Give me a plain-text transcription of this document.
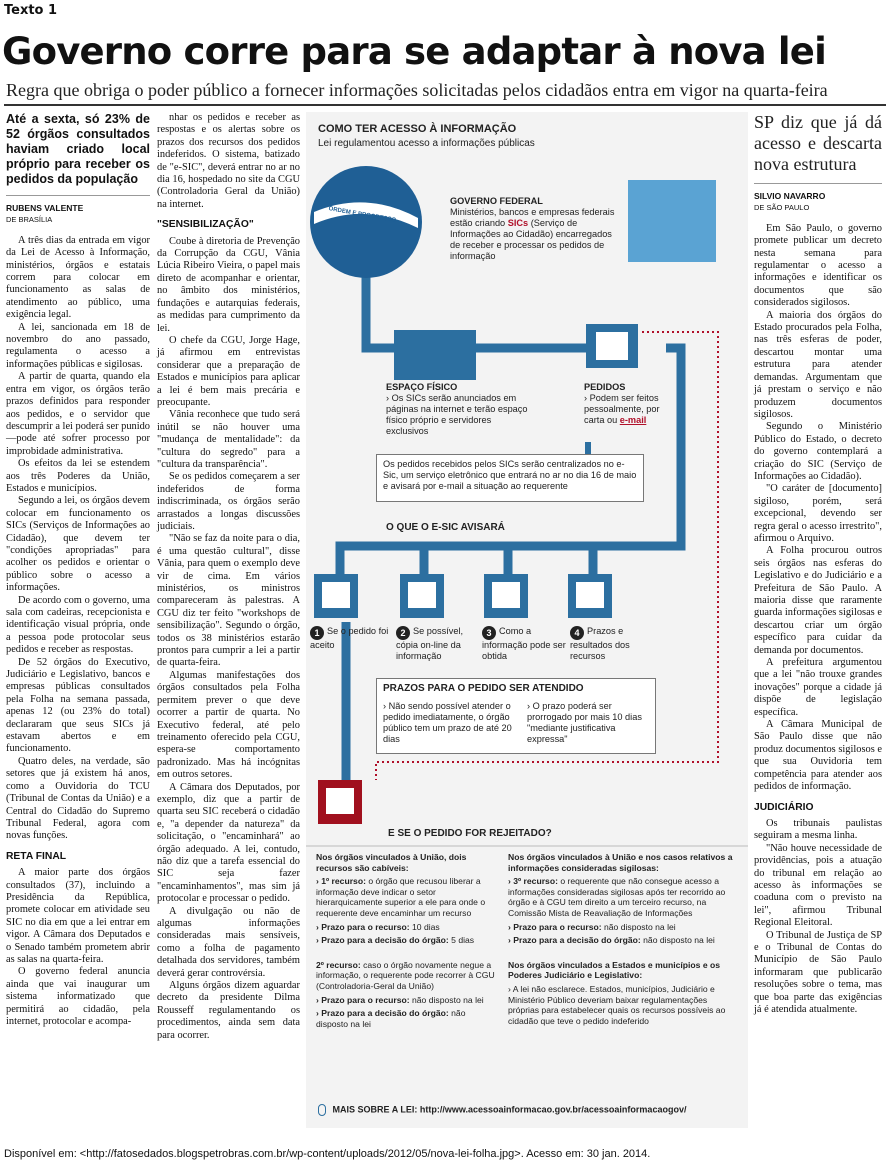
Texto 1
Governo corre para se adaptar à nova lei
Regra que obriga o poder público a fornecer informações solicitadas pelos cidadãos entra em vigor na quarta-feira
Até a sexta, só 23% de 52 órgãos consultados haviam criado local próprio para receber os pedidos da população
RUBENS VALENTE
DE BRASÍLIA

A três dias da entrada em vigor da Lei de Acesso à Informação, ministérios, órgãos e estatais correm para colocar em funcionamento as salas de atendimento ao público, uma exigência legal.

A lei, sancionada em 18 de novembro do ano passado, regulamenta o acesso a informações públicas e sigilosas.

A partir de quarta, quando ela entra em vigor, os órgãos terão prazos definidos para responder aos pedidos, e o servidor que descumprir a lei poderá ser punido—pode até sofrer processo por improbidade administrativa.

Os efeitos da lei se estendem aos três Poderes da União, Estados e municípios.

Segundo a lei, os órgãos devem colocar em funcionamento os SICs (Serviços de Informações ao Cidadão), que devem ter "condições apropriadas" para acolher os pedidos e orientar o público sobre o acesso a informações.

De acordo com o governo, uma sala com cadeiras, recepcionista e identificação visual própria, onde a pessoa pode protocolar seus pedidos e receber as respostas.

De 52 órgãos do Executivo, Judiciário e Legislativo, bancos e empresas públicas consultados pela Folha na semana passada, apenas 12 (ou 23% do total) declararam que seus SICs já estavam abertos e em funcionamento.

Quatro deles, na verdade, são setores que já existem há anos, como a Ouvidoria do TCU (Tribunal de Contas da União) e a Central do Cidadão do Supremo Tribunal Federal, agora com novas funções.

RETA FINAL

A maior parte dos órgãos consultados (37), incluindo a Presidência da República, promete colocar em atividade seu SIC no dia em que a lei entrar em vigor. A Câmara dos Deputados e o Senado também prometem abrir as salas na quarta-feira.

O governo federal anuncia ainda que vai inaugurar um sistema informatizado que permitirá ao cidadão, pela internet, protocolar e acompa-

nhar os pedidos e receber as respostas e os alertas sobre os prazos dos recursos dos pedidos indeferidos. O sistema, batizado de "e-SIC", deverá entrar no ar no dia 16, hospedado no site da CGU (Controladoria Geral da União) na internet.

"SENSIBILIZAÇÃO"

Coube à diretoria de Prevenção da Corrupção da CGU, Vânia Lúcia Ribeiro Vieira, o papel mais direto de acompanhar e orientar, no âmbito dos ministérios, fundações e autarquias federais, as medidas para cumprimento da lei.

O chefe da CGU, Jorge Hage, já afirmou em entrevistas considerar que a preparação de Estados e municípios para aplicar a lei é bem mais precária e preocupante.

Vânia reconhece que tudo será inútil se não houver uma "mudança de mentalidade": da "cultura do segredo" para a "cultura da transparência".

Se os pedidos começarem a ser indeferidos de forma indiscriminada, os órgãos serão arrastados a longas discussões judiciais.

"Não se faz da noite para o dia, é uma questão cultural", disse Vânia, para quem o exemplo deve vir de cima. Em vários ministérios, os ministros compareceram às palestras. A CGU diz ter feito "workshops de sensibilização". Segundo o órgão, todos os 38 ministérios estarão prontos para cumprir a lei a partir de quarta-feira.

Algumas manifestações dos órgãos consultados pela Folha permitem prever o que deve ocorrer a partir de quarta. No Executivo federal, até pelo treinamento oferecido pela CGU, espera-se comportamento padronizado. Mas há incógnitas em outros setores.

A Câmara dos Deputados, por exemplo, diz que a partir de quarta seu SIC receberá o cidadão e, "a depender da natureza" da solicitação, o "encaminhará" ao órgão adequado. A lei, contudo, não diz que a tarefa essencial do SIC seja fazer "encaminhamentos", mas sim já protocolar e processar o pedido.

A divulgação ou não de algumas informações consideradas mais sensíveis, como a folha de pagamento detalhada dos servidores, também deverá gerar controvérsia.

Alguns órgãos dizem aguardar decreto da presidente Dilma Rousseff regulamentando os procedimentos, ainda sem data para ocorrer.

COMO TER ACESSO À INFORMAÇÃO
Lei regulamentou acesso a informações públicas
ORDEM E PROGRESSO
GOVERNO FEDERAL
Ministérios, bancos e empresas federais estão criando SICs (Serviço de Informações ao Cidadão) encarregados de receber e processar os pedidos de informação
ESPAÇO FÍSICO
› Os SICs serão anunciados em páginas na internet e terão espaço físico próprio e servidores exclusivos
PEDIDOS
› Podem ser feitos pessoalmente, por carta ou e-mail
Os pedidos recebidos pelos SICs serão centralizados no e-Sic, um serviço eletrônico que entrará no ar no dia 16 de maio e avisará por e-mail a situação ao requerente
O QUE O E-SIC AVISARÁ
1 Se o pedido foi aceito
2 Se possível, cópia on-line da informação
3 Como a informação pode ser obtida
4 Prazos e resultados dos recursos
PRAZOS PARA O PEDIDO SER ATENDIDO
› Não sendo possível atender o pedido imediatamente, o órgão público tem um prazo de até 20 dias
› O prazo poderá ser prorrogado por mais 10 dias "mediante justificativa expressa"
E SE O PEDIDO FOR REJEITADO?
Nos órgãos vinculados à União, dois recursos são cabíveis:
› 1º recurso: o órgão que recusou liberar a informação deve indicar o setor hierarquicamente superior a ele para onde o requerente deve encaminhar um recurso
› Prazo para o recurso: 10 dias
› Prazo para a decisão do órgão: 5 dias
2º recurso: caso o órgão novamente negue a informação, o requerente pode recorrer à CGU (Controladoria-Geral da União)
› Prazo para o recurso: não disposto na lei
› Prazo para a decisão do órgão: não disposto na lei
Nos órgãos vinculados à União e nos casos relativos a informações consideradas sigilosas:
› 3º recurso: o requerente que não consegue acesso a informações consideradas sigilosas após ter recorrido ao órgão e à CGU tem direito a um terceiro recurso, na Comissão Mista de Reavaliação de Informações
› Prazo para o recurso: não disposto na lei
› Prazo para a decisão do órgão: não disposto na lei
Nos órgãos vinculados a Estados e municípios e os Poderes Judiciário e Legislativo:
› A lei não esclarece. Estados, municípios, Judiciário e Ministério Público deveriam baixar regulamentações próprias para estabelecer quais os recursos possíveis ao cidadão que teve o pedido indeferido
MAIS SOBRE A LEI: http://www.acessoainformacao.gov.br/acessoainformacaogov/
SP diz que já dá acesso e descarta nova estrutura
SILVIO NAVARRO
DE SÃO PAULO

Em São Paulo, o governo promete publicar um decreto nesta semana para regulamentar o acesso a informações e identificar os documentos que são considerados sigilosos.

A maioria dos órgãos do Estado procurados pela Folha, nas três esferas de poder, descartou montar uma estrutura para atender demandas. Argumentam que já prestam o serviço e não produzem documentos sigilosos.

Segundo o Ministério Público do Estado, o decreto do governo contemplará a criação do SIC (Serviço de Informações ao Cidadão).

"O caráter de [documento] sigiloso, porém, será excepcional, devendo ser regra geral o acesso irrestrito", afirmou o Arquivo.

A Folha procurou outros seis órgãos nas esferas do Legislativo e do Judiciário e a Prefeitura de São Paulo. A maioria disse que raramente guarda informações sigilosas e descartou criar um órgão específico para cuidar da demanda por documentos.

A prefeitura argumentou que a lei "não trouxe grandes inovações" porque a cidade já dispõe de legislação específica.

A Câmara Municipal de São Paulo disse que não produz documentos sigilosos e que sua Ouvidoria tem competência para atender aos pedidos de informação.

JUDICIÁRIO

Os tribunais paulistas seguiram a mesma linha.

"Não houve necessidade de providências, pois a atuação do tribunal em relação ao acesso às informações se coaduna com o previsto na lei", afirmou Tribunal Regional Eleitoral.

O Tribunal de Justiça de SP e o Tribunal de Contas do Município de São Paulo informaram que publicarão resoluções sobre o tema, mas que boa parte das exigências já é atendida atualmente.

Disponível em: <http://fatosedados.blogspetrobras.com.br/wp-content/uploads/2012/05/nova-lei-folha.jpg>. Acesso em: 30 jan. 2014.
